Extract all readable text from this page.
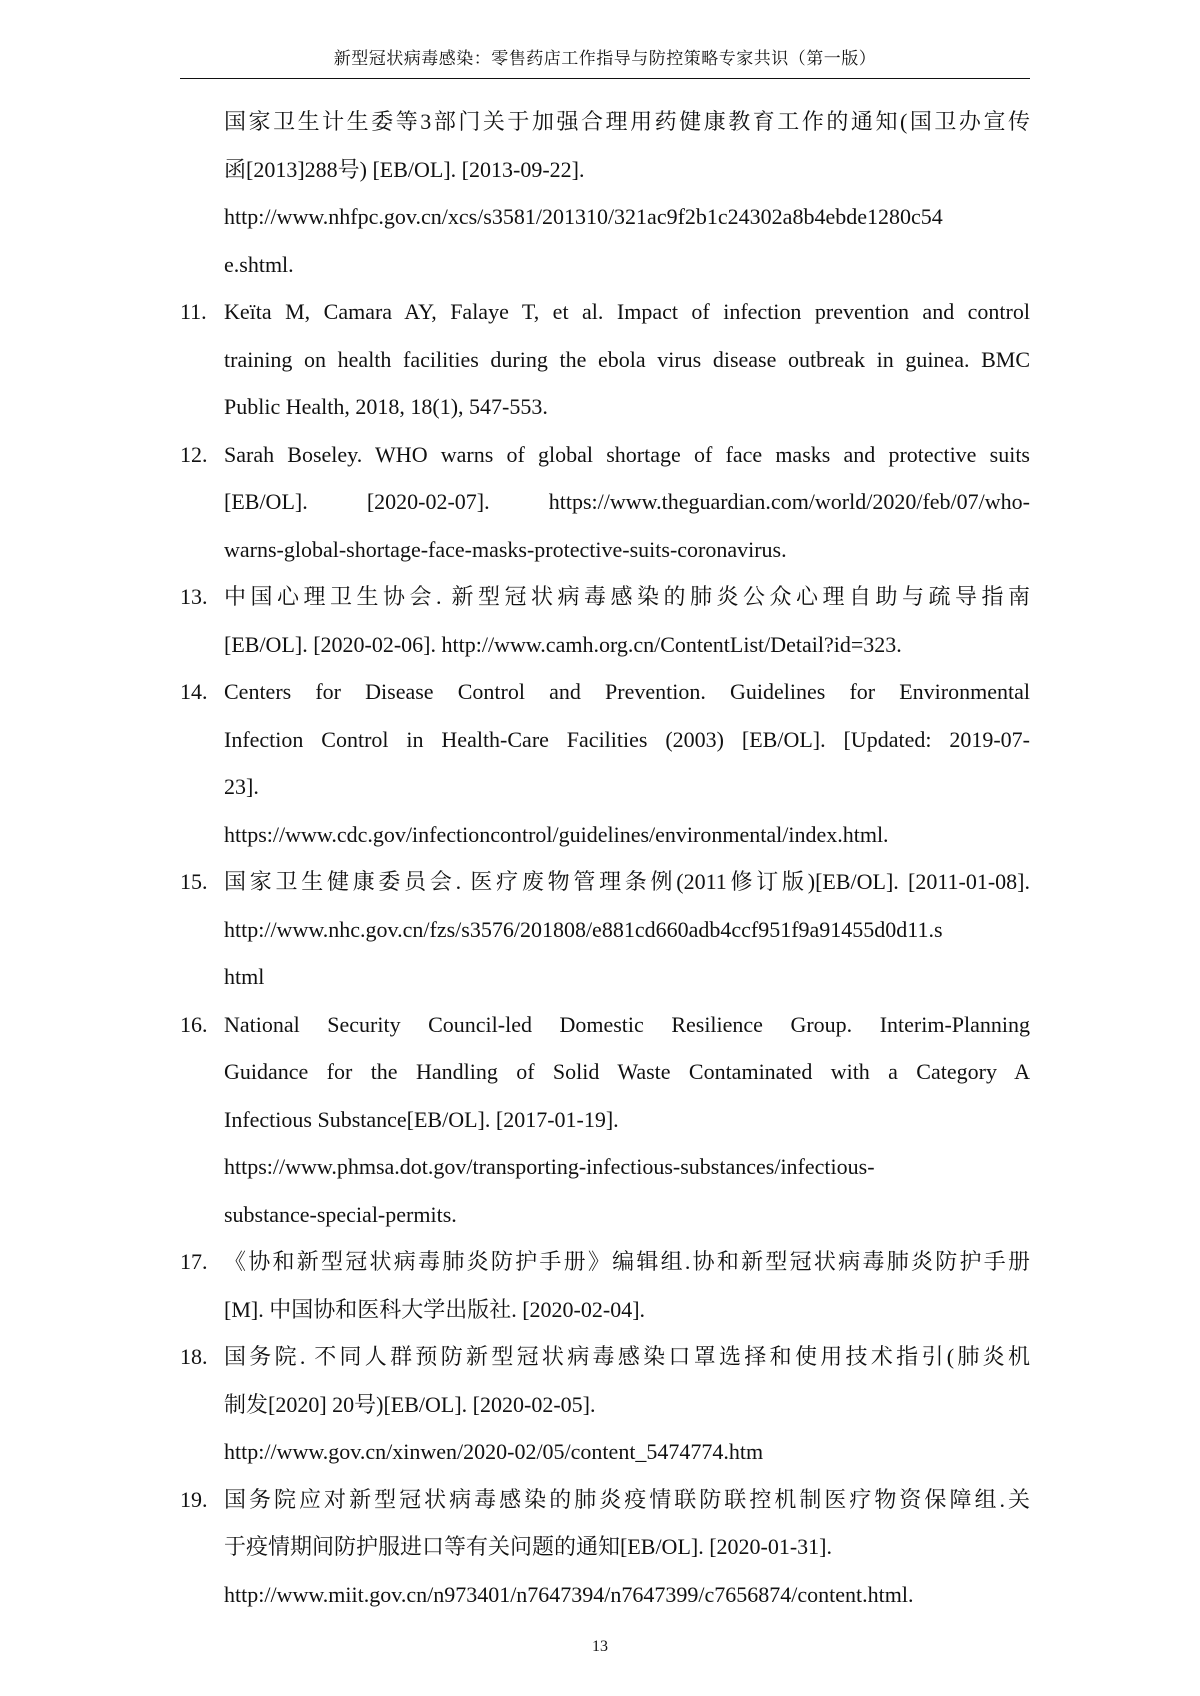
新型冠状病毒感染：零售药店工作指导与防控策略专家共识（第一版）
国家卫生计生委等3部门关于加强合理用药健康教育工作的通知(国卫办宣传
函[2013]288号) [EB/OL]. [2013-09-22].
http://www.nhfpc.gov.cn/xcs/s3581/201310/321ac9f2b1c24302a8b4ebde1280c54
e.shtml.
11. Keïta M, Camara AY, Falaye T, et al. Impact of infection prevention and control
training on health facilities during the ebola virus disease outbreak in guinea. BMC
Public Health, 2018, 18(1), 547-553.
12. Sarah Boseley. WHO warns of global shortage of face masks and protective suits
[EB/OL]. [2020-02-07]. https://www.theguardian.com/world/2020/feb/07/who-
warns-global-shortage-face-masks-protective-suits-coronavirus.
13. 中国心理卫生协会. 新型冠状病毒感染的肺炎公众心理自助与疏导指南
[EB/OL]. [2020-02-06]. http://www.camh.org.cn/ContentList/Detail?id=323.
14. Centers for Disease Control and Prevention. Guidelines for Environmental
Infection Control in Health-Care Facilities (2003) [EB/OL]. [Updated: 2019-07-
23].
https://www.cdc.gov/infectioncontrol/guidelines/environmental/index.html.
15. 国家卫生健康委员会. 医疗废物管理条例(2011修订版)[EB/OL]. [2011-01-08].
http://www.nhc.gov.cn/fzs/s3576/201808/e881cd660adb4ccf951f9a91455d0d11.s
html
16. National Security Council-led Domestic Resilience Group. Interim-Planning
Guidance for the Handling of Solid Waste Contaminated with a Category A
Infectious Substance[EB/OL]. [2017-01-19].
https://www.phmsa.dot.gov/transporting-infectious-substances/infectious-
substance-special-permits.
17. 《协和新型冠状病毒肺炎防护手册》编辑组.协和新型冠状病毒肺炎防护手册
[M]. 中国协和医科大学出版社. [2020-02-04].
18. 国务院. 不同人群预防新型冠状病毒感染口罩选择和使用技术指引(肺炎机
制发[2020] 20号)[EB/OL]. [2020-02-05].
http://www.gov.cn/xinwen/2020-02/05/content_5474774.htm
19. 国务院应对新型冠状病毒感染的肺炎疫情联防联控机制医疗物资保障组.关
于疫情期间防护服进口等有关问题的通知[EB/OL]. [2020-01-31].
http://www.miit.gov.cn/n973401/n7647394/n7647399/c7656874/content.html.
13
